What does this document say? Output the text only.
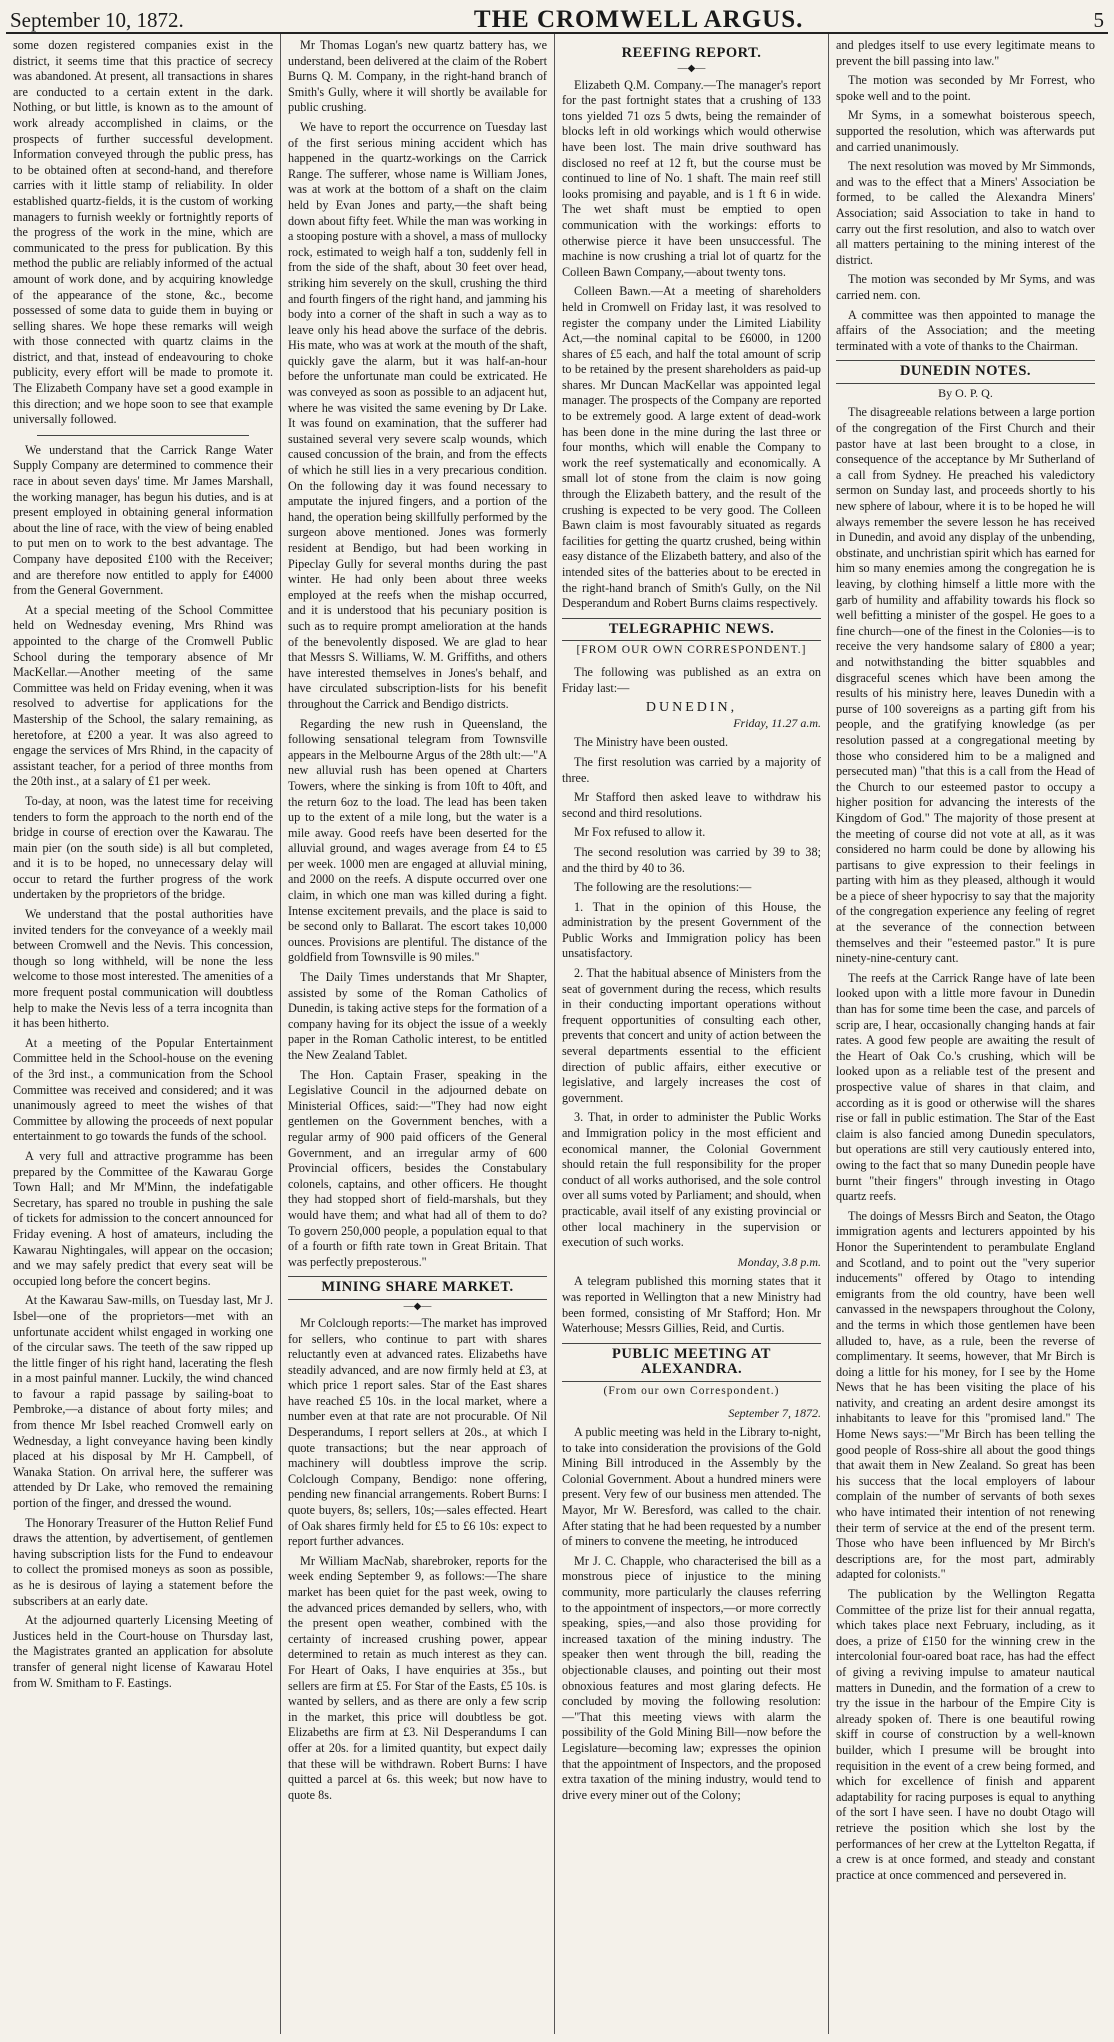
September 10, 1872.	THE CROMWELL ARGUS.	5

some dozen registered companies exist in the district, it seems time that this practice of secrecy was abandoned. At present, all transactions in shares are conducted to a certain extent in the dark. Nothing, or but little, is known as to the amount of work already accomplished in claims, or the prospects of further successful development. Information conveyed through the public press, has to be obtained often at second-hand, and therefore carries with it little stamp of reliability. In older established quartz-fields, it is the custom of working managers to furnish weekly or fortnightly reports of the progress of the work in the mine, which are communicated to the press for publication. By this method the public are reliably informed of the actual amount of work done, and by acquiring knowledge of the appearance of the stone, &c., become possessed of some data to guide them in buying or selling shares. We hope these remarks will weigh with those connected with quartz claims in the district, and that, instead of endeavouring to choke publicity, every effort will be made to promote it. The Elizabeth Company have set a good example in this direction; and we hope soon to see that example universally followed.

We understand that the Carrick Range Water Supply Company are determined to commence their race in about seven days' time. Mr James Marshall, the working manager, has begun his duties, and is at present employed in obtaining general information about the line of race, with the view of being enabled to put men on to work to the best advantage. The Company have deposited £100 with the Receiver; and are therefore now entitled to apply for £4000 from the General Government.

At a special meeting of the School Committee held on Wednesday evening, Mrs Rhind was appointed to the charge of the Cromwell Public School during the temporary absence of Mr MacKellar.—Another meeting of the same Committee was held on Friday evening, when it was resolved to advertise for applications for the Mastership of the School, the salary remaining, as heretofore, at £200 a year. It was also agreed to engage the services of Mrs Rhind, in the capacity of assistant teacher, for a period of three months from the 20th inst., at a salary of £1 per week.

To-day, at noon, was the latest time for receiving tenders to form the approach to the north end of the bridge in course of erection over the Kawarau. The main pier (on the south side) is all but completed, and it is to be hoped, no unnecessary delay will occur to retard the further progress of the work undertaken by the proprietors of the bridge.

We understand that the postal authorities have invited tenders for the conveyance of a weekly mail between Cromwell and the Nevis. This concession, though so long withheld, will be none the less welcome to those most interested. The amenities of a more frequent postal communication will doubtless help to make the Nevis less of a terra incognita than it has been hitherto.

At a meeting of the Popular Entertainment Committee held in the School-house on the evening of the 3rd inst., a communication from the School Committee was received and considered; and it was unanimously agreed to meet the wishes of that Committee by allowing the proceeds of next popular entertainment to go towards the funds of the school.

A very full and attractive programme has been prepared by the Committee of the Kawarau Gorge Town Hall; and Mr M'Minn, the indefatigable Secretary, has spared no trouble in pushing the sale of tickets for admission to the concert announced for Friday evening. A host of amateurs, including the Kawarau Nightingales, will appear on the occasion; and we may safely predict that every seat will be occupied long before the concert begins.

At the Kawarau Saw-mills, on Tuesday last, Mr J. Isbel—one of the proprietors—met with an unfortunate accident whilst engaged in working one of the circular saws. The teeth of the saw ripped up the little finger of his right hand, lacerating the flesh in a most painful manner. Luckily, the wind chanced to favour a rapid passage by sailing-boat to Pembroke,—a distance of about forty miles; and from thence Mr Isbel reached Cromwell early on Wednesday, a light conveyance having been kindly placed at his disposal by Mr H. Campbell, of Wanaka Station. On arrival here, the sufferer was attended by Dr Lake, who removed the remaining portion of the finger, and dressed the wound.

The Honorary Treasurer of the Hutton Relief Fund draws the attention, by advertisement, of gentlemen having subscription lists for the Fund to endeavour to collect the promised moneys as soon as possible, as he is desirous of laying a statement before the subscribers at an early date.

At the adjourned quarterly Licensing Meeting of Justices held in the Court-house on Thursday last, the Magistrates granted an application for absolute transfer of general night license of Kawarau Hotel from W. Smitham to F. Eastings.

Mr Thomas Logan's new quartz battery has, we understand, been delivered at the claim of the Robert Burns Q. M. Company, in the right-hand branch of Smith's Gully, where it will shortly be available for public crushing.

We have to report the occurrence on Tuesday last of the first serious mining accident which has happened in the quartz-workings on the Carrick Range. The sufferer, whose name is William Jones, was at work at the bottom of a shaft on the claim held by Evan Jones and party,—the shaft being down about fifty feet. While the man was working in a stooping posture with a shovel, a mass of mullocky rock, estimated to weigh half a ton, suddenly fell in from the side of the shaft, about 30 feet over head, striking him severely on the skull, crushing the third and fourth fingers of the right hand, and jamming his body into a corner of the shaft in such a way as to leave only his head above the surface of the debris. His mate, who was at work at the mouth of the shaft, quickly gave the alarm, but it was half-an-hour before the unfortunate man could be extricated. He was conveyed as soon as possible to an adjacent hut, where he was visited the same evening by Dr Lake. It was found on examination, that the sufferer had sustained several very severe scalp wounds, which caused concussion of the brain, and from the effects of which he still lies in a very precarious condition. On the following day it was found necessary to amputate the injured fingers, and a portion of the hand, the operation being skillfully performed by the surgeon above mentioned. Jones was formerly resident at Bendigo, but had been working in Pipeclay Gully for several months during the past winter. He had only been about three weeks employed at the reefs when the mishap occurred, and it is understood that his pecuniary position is such as to require prompt amelioration at the hands of the benevolently disposed. We are glad to hear that Messrs S. Williams, W. M. Griffiths, and others have interested themselves in Jones's behalf, and have circulated subscription-lists for his benefit throughout the Carrick and Bendigo districts.

Regarding the new rush in Queensland, the following sensational telegram from Townsville appears in the Melbourne Argus of the 28th ult:—"A new alluvial rush has been opened at Charters Towers, where the sinking is from 10ft to 40ft, and the return 6oz to the load. The lead has been taken up to the extent of a mile long, but the water is a mile away. Good reefs have been deserted for the alluvial ground, and wages average from £4 to £5 per week. 1000 men are engaged at alluvial mining, and 2000 on the reefs. A dispute occurred over one claim, in which one man was killed during a fight. Intense excitement prevails, and the place is said to be second only to Ballarat. The escort takes 10,000 ounces. Provisions are plentiful. The distance of the goldfield from Townsville is 90 miles."

The Daily Times understands that Mr Shapter, assisted by some of the Roman Catholics of Dunedin, is taking active steps for the formation of a company having for its object the issue of a weekly paper in the Roman Catholic interest, to be entitled the New Zealand Tablet.

The Hon. Captain Fraser, speaking in the Legislative Council in the adjourned debate on Ministerial Offices, said:—"They had now eight gentlemen on the Government benches, with a regular army of 900 paid officers of the General Government, and an irregular army of 600 Provincial officers, besides the Constabulary colonels, captains, and other officers. He thought they had stopped short of field-marshals, but they would have them; and what had all of them to do? To govern 250,000 people, a population equal to that of a fourth or fifth rate town in Great Britain. That was perfectly preposterous."

MINING SHARE MARKET.
—◆—

Mr Colclough reports:—The market has improved for sellers, who continue to part with shares reluctantly even at advanced rates. Elizabeths have steadily advanced, and are now firmly held at £3, at which price 1 report sales. Star of the East shares have reached £5 10s. in the local market, where a number even at that rate are not procurable. Of Nil Desperandums, I report sellers at 20s., at which I quote transactions; but the near approach of machinery will doubtless improve the scrip. Colclough Company, Bendigo: none offering, pending new financial arrangements. Robert Burns: I quote buyers, 8s; sellers, 10s;—sales effected. Heart of Oak shares firmly held for £5 to £6 10s: expect to report further advances.

Mr William MacNab, sharebroker, reports for the week ending September 9, as follows:—The share market has been quiet for the past week, owing to the advanced prices demanded by sellers, who, with the present open weather, combined with the certainty of increased crushing power, appear determined to retain as much interest as they can. For Heart of Oaks, I have enquiries at 35s., but sellers are firm at £5. For Star of the Easts, £5 10s. is wanted by sellers, and as there are only a few scrip in the market, this price will doubtless be got. Elizabeths are firm at £3. Nil Desperandums I can offer at 20s. for a limited quantity, but expect daily that these will be withdrawn. Robert Burns: I have quitted a parcel at 6s. this week; but now have to quote 8s.

REEFING REPORT.
—◆—

Elizabeth Q.M. Company.—The manager's report for the past fortnight states that a crushing of 133 tons yielded 71 ozs 5 dwts, being the remainder of blocks left in old workings which would otherwise have been lost. The main drive southward has disclosed no reef at 12 ft, but the course must be continued to line of No. 1 shaft. The main reef still looks promising and payable, and is 1 ft 6 in wide. The wet shaft must be emptied to open communication with the workings: efforts to otherwise pierce it have been unsuccessful. The machine is now crushing a trial lot of quartz for the Colleen Bawn Company,—about twenty tons.

Colleen Bawn.—At a meeting of shareholders held in Cromwell on Friday last, it was resolved to register the company under the Limited Liability Act,—the nominal capital to be £6000, in 1200 shares of £5 each, and half the total amount of scrip to be retained by the present shareholders as paid-up shares. Mr Duncan MacKellar was appointed legal manager. The prospects of the Company are reported to be extremely good. A large extent of dead-work has been done in the mine during the last three or four months, which will enable the Company to work the reef systematically and economically. A small lot of stone from the claim is now going through the Elizabeth battery, and the result of the crushing is expected to be very good. The Colleen Bawn claim is most favourably situated as regards facilities for getting the quartz crushed, being within easy distance of the Elizabeth battery, and also of the intended sites of the batteries about to be erected in the right-hand branch of Smith's Gully, on the Nil Desperandum and Robert Burns claims respectively.

TELEGRAPHIC NEWS.
[FROM OUR OWN CORRESPONDENT.]

The following was published as an extra on Friday last:—

DUNEDIN,
Friday, 11.27 a.m.

The Ministry have been ousted.

The first resolution was carried by a majority of three.

Mr Stafford then asked leave to withdraw his second and third resolutions.

Mr Fox refused to allow it.

The second resolution was carried by 39 to 38; and the third by 40 to 36.

The following are the resolutions:—

1. That in the opinion of this House, the administration by the present Government of the Public Works and Immigration policy has been unsatisfactory.

2. That the habitual absence of Ministers from the seat of government during the recess, which results in their conducting important operations without frequent opportunities of consulting each other, prevents that concert and unity of action between the several departments essential to the efficient direction of public affairs, either executive or legislative, and largely increases the cost of government.

3. That, in order to administer the Public Works and Immigration policy in the most efficient and economical manner, the Colonial Government should retain the full responsibility for the proper conduct of all works authorised, and the sole control over all sums voted by Parliament; and should, when practicable, avail itself of any existing provincial or other local machinery in the supervision or execution of such works.

Monday, 3.8 p.m.

A telegram published this morning states that it was reported in Wellington that a new Ministry had been formed, consisting of Mr Stafford; Hon. Mr Waterhouse; Messrs Gillies, Reid, and Curtis.

PUBLIC MEETING AT ALEXANDRA.
(From our own Correspondent.)
September 7, 1872.

A public meeting was held in the Library to-night, to take into consideration the provisions of the Gold Mining Bill introduced in the Assembly by the Colonial Government. About a hundred miners were present. Very few of our business men attended. The Mayor, Mr W. Beresford, was called to the chair. After stating that he had been requested by a number of miners to convene the meeting, he introduced

Mr J. C. Chapple, who characterised the bill as a monstrous piece of injustice to the mining community, more particularly the clauses referring to the appointment of inspectors,—or more correctly speaking, spies,—and also those providing for increased taxation of the mining industry. The speaker then went through the bill, reading the objectionable clauses, and pointing out their most obnoxious features and most glaring defects. He concluded by moving the following resolution:—"That this meeting views with alarm the possibility of the Gold Mining Bill—now before the Legislature—becoming law; expresses the opinion that the appointment of Inspectors, and the proposed extra taxation of the mining industry, would tend to drive every miner out of the Colony;

and pledges itself to use every legitimate means to prevent the bill passing into law."

The motion was seconded by Mr Forrest, who spoke well and to the point.

Mr Syms, in a somewhat boisterous speech, supported the resolution, which was afterwards put and carried unanimously.

The next resolution was moved by Mr Simmonds, and was to the effect that a Miners' Association be formed, to be called the Alexandra Miners' Association; said Association to take in hand to carry out the first resolution, and also to watch over all matters pertaining to the mining interest of the district.

The motion was seconded by Mr Syms, and was carried nem. con.

A committee was then appointed to manage the affairs of the Association; and the meeting terminated with a vote of thanks to the Chairman.

DUNEDIN NOTES.
By O. P. Q.

The disagreeable relations between a large portion of the congregation of the First Church and their pastor have at last been brought to a close, in consequence of the acceptance by Mr Sutherland of a call from Sydney. He preached his valedictory sermon on Sunday last, and proceeds shortly to his new sphere of labour, where it is to be hoped he will always remember the severe lesson he has received in Dunedin, and avoid any display of the unbending, obstinate, and unchristian spirit which has earned for him so many enemies among the congregation he is leaving, by clothing himself a little more with the garb of humility and affability towards his flock so well befitting a minister of the gospel. He goes to a fine church—one of the finest in the Colonies—is to receive the very handsome salary of £800 a year; and notwithstanding the bitter squabbles and disgraceful scenes which have been among the results of his ministry here, leaves Dunedin with a purse of 100 sovereigns as a parting gift from his people, and the gratifying knowledge (as per resolution passed at a congregational meeting by those who considered him to be a maligned and persecuted man) "that this is a call from the Head of the Church to our esteemed pastor to occupy a higher position for advancing the interests of the Kingdom of God." The majority of those present at the meeting of course did not vote at all, as it was considered no harm could be done by allowing his partisans to give expression to their feelings in parting with him as they pleased, although it would be a piece of sheer hypocrisy to say that the majority of the congregation experience any feeling of regret at the severance of the connection between themselves and their "esteemed pastor." It is pure ninety-nine-century cant.

The reefs at the Carrick Range have of late been looked upon with a little more favour in Dunedin than has for some time been the case, and parcels of scrip are, I hear, occasionally changing hands at fair rates. A good few people are awaiting the result of the Heart of Oak Co.'s crushing, which will be looked upon as a reliable test of the present and prospective value of shares in that claim, and according as it is good or otherwise will the shares rise or fall in public estimation. The Star of the East claim is also fancied among Dunedin speculators, but operations are still very cautiously entered into, owing to the fact that so many Dunedin people have burnt "their fingers" through investing in Otago quartz reefs.

The doings of Messrs Birch and Seaton, the Otago immigration agents and lecturers appointed by his Honor the Superintendent to perambulate England and Scotland, and to point out the "very superior inducements" offered by Otago to intending emigrants from the old country, have been well canvassed in the newspapers throughout the Colony, and the terms in which those gentlemen have been alluded to, have, as a rule, been the reverse of complimentary. It seems, however, that Mr Birch is doing a little for his money, for I see by the Home News that he has been visiting the place of his nativity, and creating an ardent desire amongst its inhabitants to leave for this "promised land." The Home News says:—"Mr Birch has been telling the good people of Ross-shire all about the good things that await them in New Zealand. So great has been his success that the local employers of labour complain of the number of servants of both sexes who have intimated their intention of not renewing their term of service at the end of the present term. Those who have been influenced by Mr Birch's descriptions are, for the most part, admirably adapted for colonists."

The publication by the Wellington Regatta Committee of the prize list for their annual regatta, which takes place next February, including, as it does, a prize of £150 for the winning crew in the intercolonial four-oared boat race, has had the effect of giving a reviving impulse to amateur nautical matters in Dunedin, and the formation of a crew to try the issue in the harbour of the Empire City is already spoken of. There is one beautiful rowing skiff in course of construction by a well-known builder, which I presume will be brought into requisition in the event of a crew being formed, and which for excellence of finish and apparent adaptability for racing purposes is equal to anything of the sort I have seen. I have no doubt Otago will retrieve the position which she lost by the performances of her crew at the Lyttelton Regatta, if a crew is at once formed, and steady and constant practice at once commenced and persevered in.
